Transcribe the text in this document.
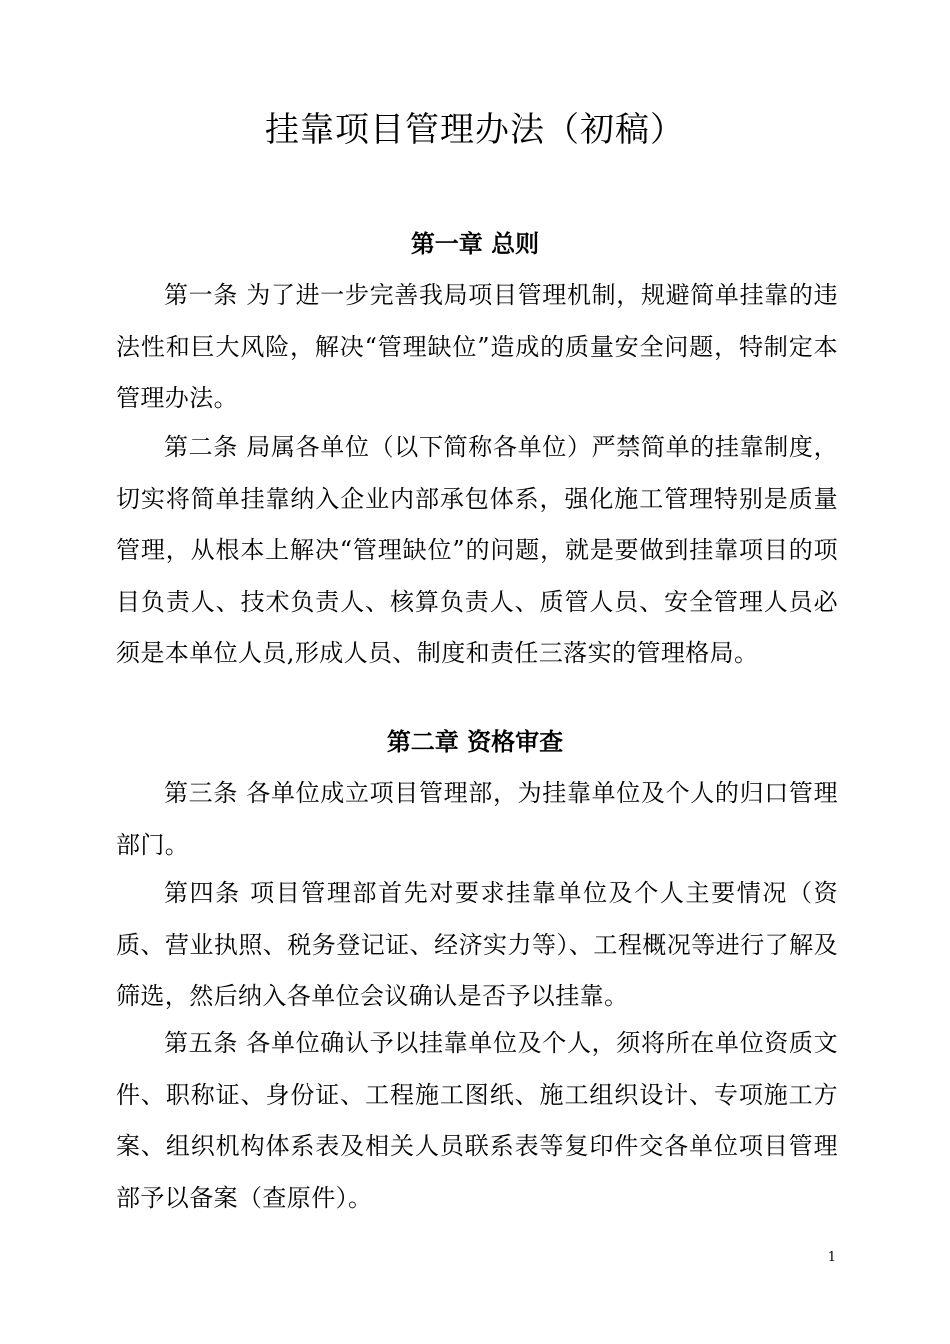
挂靠项目管理办法（初稿）
第一章 总则

第一条 为了进一步完善我局项目管理机制，规避简单挂靠的违法性和巨大风险，解决“管理缺位”造成的质量安全问题，特制定本管理办法。

第二条 局属各单位（以下简称各单位）严禁简单的挂靠制度，切实将简单挂靠纳入企业内部承包体系，强化施工管理特别是质量管理，从根本上解决“管理缺位”的问题，就是要做到挂靠项目的项目负责人、技术负责人、核算负责人、质管人员、安全管理人员必须是本单位人员,形成人员、制度和责任三落实的管理格局。

第二章 资格审查

第三条 各单位成立项目管理部，为挂靠单位及个人的归口管理部门。

第四条 项目管理部首先对要求挂靠单位及个人主要情况（资质、营业执照、税务登记证、经济实力等）、工程概况等进行了解及筛选，然后纳入各单位会议确认是否予以挂靠。

第五条 各单位确认予以挂靠单位及个人，须将所在单位资质文件、职称证、身份证、工程施工图纸、施工组织设计、专项施工方案、组织机构体系表及相关人员联系表等复印件交各单位项目管理部予以备案（查原件）。

1
